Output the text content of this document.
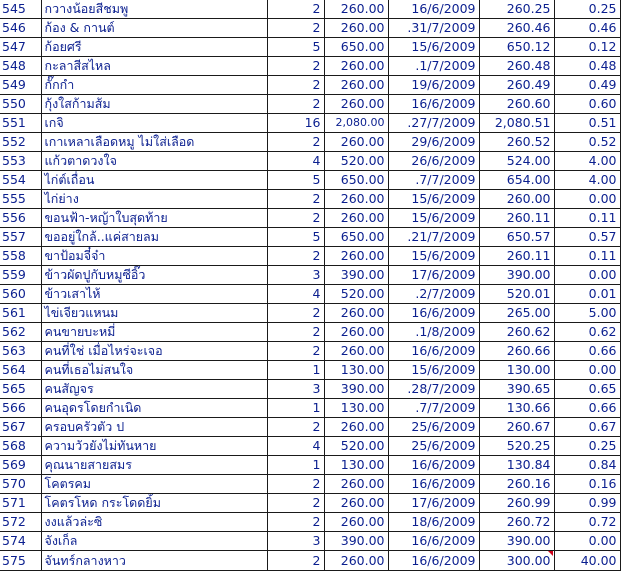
545	กวางน้อยสีชมพู	2	260.00	16/6/2009	260.25	0.25
546	ก้อง & กานต์	2	260.00	.31/7/2009	260.46	0.46
547	ก้อยศรี	5	650.00	15/6/2009	650.12	0.12
548	กะลาสีสไหล	2	260.00	.1/7/2009	260.48	0.48
549	กั๊กกำ	2	260.00	19/6/2009	260.49	0.49
550	กุ้งใสก้ามส้ม	2	260.00	16/6/2009	260.60	0.60
551	เกจิ	16	2,080.00	.27/7/2009	2,080.51	0.51
552	เกาเหลาเลือดหมู ไม่ใส่เลือด	2	260.00	29/6/2009	260.52	0.52
553	แก้วตาดวงใจ	4	520.00	26/6/2009	524.00	4.00
554	ไก่ต์เถื่อน	5	650.00	.7/7/2009	654.00	4.00
555	ไก่ย่าง	2	260.00	15/6/2009	260.00	0.00
556	ขอนฟ้า-หญ้าใบสุดท้าย	2	260.00	15/6/2009	260.11	0.11
557	ขออยู่ใกล้..แค่สายลม	5	650.00	.21/7/2009	650.57	0.57
558	ขาป้อมจี๋จ๋า	2	260.00	15/6/2009	260.11	0.11
559	ข้าวผัดปูกับหมูซีอิ๊ว	3	390.00	17/6/2009	390.00	0.00
560	ข้าวเสาไห้	4	520.00	.2/7/2009	520.01	0.01
561	ไข่เจียวแหนม	2	260.00	16/6/2009	265.00	5.00
562	คนขายบะหมี่	2	260.00	.1/8/2009	260.62	0.62
563	คนที่ใช่ เมื่อไหร่จะเจอ	2	260.00	16/6/2009	260.66	0.66
564	คนที่เธอไม่สนใจ	1	130.00	15/6/2009	130.00	0.00
565	คนสัญจร	3	390.00	.28/7/2009	390.65	0.65
566	คนอุดรโดยกำเนิด	1	130.00	.7/7/2009	130.66	0.66
567	ครอบครัวตัว ป	2	260.00	25/6/2009	260.67	0.67
568	ความวัวยังไม่ทันหาย	4	520.00	25/6/2009	520.25	0.25
569	คุณนายสายสมร	1	130.00	16/6/2009	130.84	0.84
570	โคตรคม	2	260.00	16/6/2009	260.16	0.16
571	โคตรโหด กระโดดยิ้ม	2	260.00	17/6/2009	260.99	0.99
572	งงแล้วล่ะซิ	2	260.00	18/6/2009	260.72	0.72
574	จังเก็ล	3	390.00	16/6/2009	390.00	0.00
575	จันทร์กลางหาว	2	260.00	16/6/2009	300.00	40.00
